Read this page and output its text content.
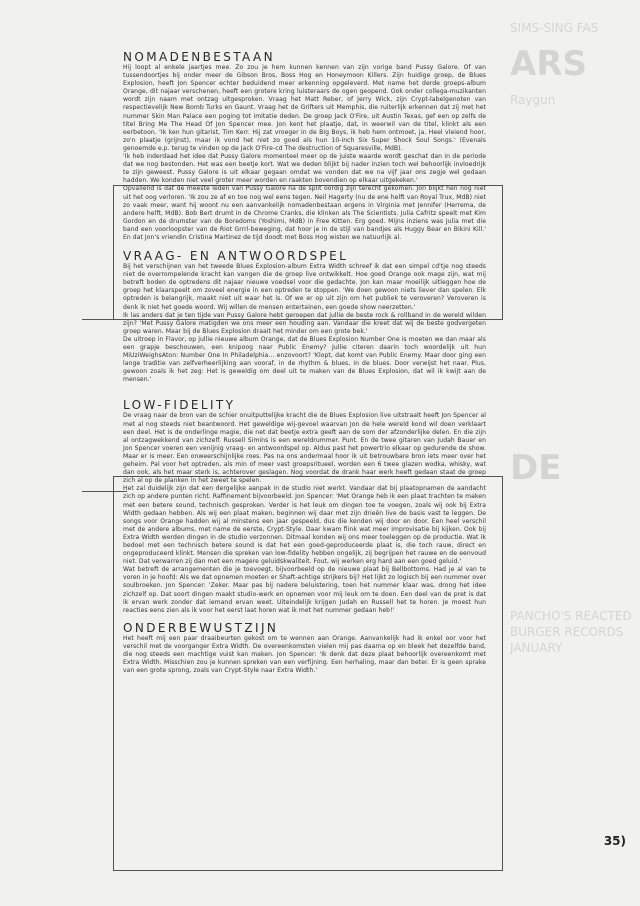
SIMS-SING FAS
ARS
Raygun
DE
PANCHO'S REACTED
BURGER RECORDS
JANUARY
NOMADENBESTAAN

Hij loopt al enkele jaartjes mee. Zo zou je hem kunnen kennen van zijn vorige band Pussy Galore. Of van tussendoortjes bij onder meer de Gibson Bros, Boss Hog en Honeymoon Killers. Zijn huidige groep, de Blues Explosion, heeft Jon Spencer echter beduidend meer erkenning opgeleverd. Met name het derde groeps-album Orange, dit najaar verschenen, heeft een grotere kring luisteraars de ogen geopend. Ook onder collega-muzikanten wordt zijn naam met ontzag uitgesproken. Vraag het Matt Reber, of Jerry Wick, zijn Crypt-labelgenoten van respectievelijk New Bomb Turks en Gaunt. Vraag het de Grifters uit Memphis, die ruiterlijk erkennen dat zij met het nummer Skin Man Palace een poging tot imitatie deden. De groep Jack O'Fire, uit Austin Texas, gef een op zelfs de titel Bring Me The Head Of Jon Spencer mee. Jon kent het plaatje, dat, in weerwil van de titel, klinkt als een eerbetoon. 'Ik ken hun gitarist, Tim Kerr. Hij zat vroeger in de Big Boys, ik heb hem ontmoet, ja. Heel vleiend hoor, zo'n plaatje (grijnst), maar ik vond het niet zo goed als hun 10-inch Six Super Shock Soul Songs.' (Evenals genoemde e.p. terug te vinden op de Jack O'Fire-cd The destruction of Squaresville, MdB).

'Ik heb inderdaad het idee dat Pussy Galore momenteel meer op de juiste waarde wordt geschat dan in de periode dat we nog bestonden. Het was een beetje kort. Wat we deden blijkt bij nader inzien toch wel behoorlijk invloedrijk te zijn geweest. Pussy Galore is uit elkaar gegaan omdat we vonden dat we na vijf jaar ons zegje wel gedaan hadden. We konden niet veel groter meer worden en raakten bovendien op elkaar uitgekeken.'

Opvallend is dat de meeste leden van Pussy Galore na de split oordig zijn terecht gekomen. Jon blijkt hen nog niet uit het oog verloren. 'Ik zou ze af en toe nog wel eens tegen. Neil Hagerty (nu de ene helft van Royal Trux, MdB) niet zo vaak meer, want hij woont nu een aanvankelijk nomadenbestaan ergens in Virginia met Jennifer (Herrema, de andere helft, MdB). Bob Bert drumt in de Chrome Cranks, die klinken als The Scientists. Julia Cafritz speelt met Kim Gordon en de drumster van de Boredoms (Yoshimi, MdB) in Free Kitten. Erg goed. Mijns inziens was Julia met die band een voorloopster van de Riot Grrrl-beweging, dat hoor je in de stijl van bandjes als Huggy Bear en Bikini Kill.' En dat Jon's vriendin Cristina Martinez de tijd doodt met Boss Hog wisten we natuurlijk al.

VRAAG- EN ANTWOORDSPEL

Bij het verschijnen van het tweede Blues Explosion-album Extra Width schreef ik dat een simpel cd'tje nog steeds niet de overrompelende kracht kan vangen die de groep live ontwikkelt. Hoe goed Orange ook mage zijn, wat mij betreft boden de optredens dit najaar nieuwe voedsel voor die gedachte. Jon kan maar moeilijk uitleggen hoe de groep het klaarspeelt om zoveel energie in een optreden te stoppen. 'We doen gewoon niets liever dan spelen. Elk optreden is belangrijk, maakt niet uit waar het is. Of we er op uit zijn om het publiek te veroveren? Veroveren is denk ik niet het goede woord. Wij willen de mensen entertainen, een goede show neerzetten.'

Ik las anders dat je ten tijde van Pussy Galore hebt geroepen dat jullie de beste rock & rollband in de wereld wilden zijn? 'Met Pussy Galore matigden we ons meer een houding aan. Vandaar die kreet dat wij de beste godvergeten groep waren. Maar bij de Blues Explosion draait het minder om een grote bek.'

De uitroep in Flavor, op jullie nieuwe album Orange, dat de Blues Explosion Number One is moeten we dan maar als een grapje beschouwen, een knipoog naar Public Enemy? Jullie citeren daarin toch woordelijk uit hun MiUziWeighsAton: Number One In Philadelphia... enzovoort? 'Klopt, dat komt van Public Enemy. Maar door ging een lange traditie van zelfverheerlijking aan vooraf, in de rhythm & blues, in de blues. Door verwijst het naar. Plus, gewoon zoals ik het zeg: Het is geweldig om deel uit te maken van de Blues Explosion, dat wil ik kwijt aan de mensen.'

LOW-FIDELITY

De vraag naar de bron van de schier onuitputtelijke kracht die de Blues Explosion live uitstraalt heeft Jon Spencer al met al nog steeds niet beantwoord. Het geweldige wij-gevoel waarvan Jon de hele wereld kond wil doen verklaart een deel. Het is de onderlinge magie, die net dat beetje extra geeft aan de som der afzonderlijke delen. En die zijn al ontzagwekkend van zichzelf. Russell Simins is een wereldrummer. Punt. En de twee gitaren van Judah Bauer en Jon Spencer voeren een venijnig vraag- en antwoordspel op. Aldus past het powertrio elkaar op gedurende de show. Maar er is meer. Een onweerschijnlijke roes. Pas na ons andermaal hoor ik uit betrouwbare bron iets meer over het geheim. Pal voor het optreden, als min of meer vast groepsritueel, worden een 6 twee glazen wodka, whisky, wat dan ook, als het maar sterk is, achterover geslagen. Nog voordat de drank haar werk heeft gedaan staat de groep zich al op de planken in het zweet te spelen.

Het zal duidelijk zijn dat een dergelijke aanpak in de studio niet werkt. Vandaar dat bij plaatopnamen de aandacht zich op andere punten richt. Raffinement bijvoorbeeld. Jon Spencer: 'Met Orange heb ik een plaat trachten te maken met een betere sound, technisch gesproken. Verder is het leuk om dingen toe te voegen, zoals wij ook bij Extra Width gedaan hebben. Als wij een plaat maken, beginnen wij daar met zijn drieën live de basis vast te leggen. De songs voor Orange hadden wij al minstens een jaar gespeeld, dus die kenden wij door en door. Een heel verschil met de andere albums, met name de eerste, Crypt-Style. Daar kwam flink wat meer improvisatie bij kijken. Ook bij Extra Width werden dingen in de studio verzonnen. Ditmaal konden wij ons meer toeleggen op de productie. Wat ik bedoel met een technisch betere sound is dat het een goed-geproduceerde plaat is, die toch rauw, direct en ongeproduceerd klinkt. Mensen die spreken van low-fidelity hebben ongelijk, zij begrijpen het rauwe en de eenvoud niet. Dat verwarren zij dan met een magere geluidskwaliteit. Fout, wij werken erg hard aan een goed geluid.'

Wat betreft de arrangementen die je toevoegt, bijvoorbeeld op de nieuwe plaat bij Bellbottoms. Had je al van te voren in je hoofd: Als we dat opnemen moeten er Shaft-achtige strijkers bij? Het lijkt zo logisch bij een nummer over soulbroeken. Jon Spencer: 'Zeker. Maar pas bij nadere beluistering, toen het nummer klaar was, drong het idee zichzelf op. Dat soort dingen maakt studio-werk en opnemen voor mij leuk om te doen. Een deel van de pret is dat ik ervan werk zonder dat iemand ervan weet. Uiteindelijk krijgen Judah en Russell het te horen. Je moest hun reacties eens zien als ik voor het eerst laat horen wat ik met het nummer gedaan heb!'

ONDERBEWUSTZIJN

Het heeft mij een paar draaibeurten gekost om te wennen aan Orange. Aanvankelijk had ik enkel oor voor het verschil met de voorganger Extra Width. De overeenkomsten vielen mij pas daarna op en bleek het dezelfde band, die nog steeds een machtige vuist kan maken. Jon Spencer: 'Ik denk dat deze plaat behoorlijk overeenkomt met Extra Width. Misschien zou je kunnen spreken van een verfijning. Een herhaling, maar dan beter. Er is geen sprake van een grote sprong, zoals van Crypt-Style naar Extra Width.'

35)
